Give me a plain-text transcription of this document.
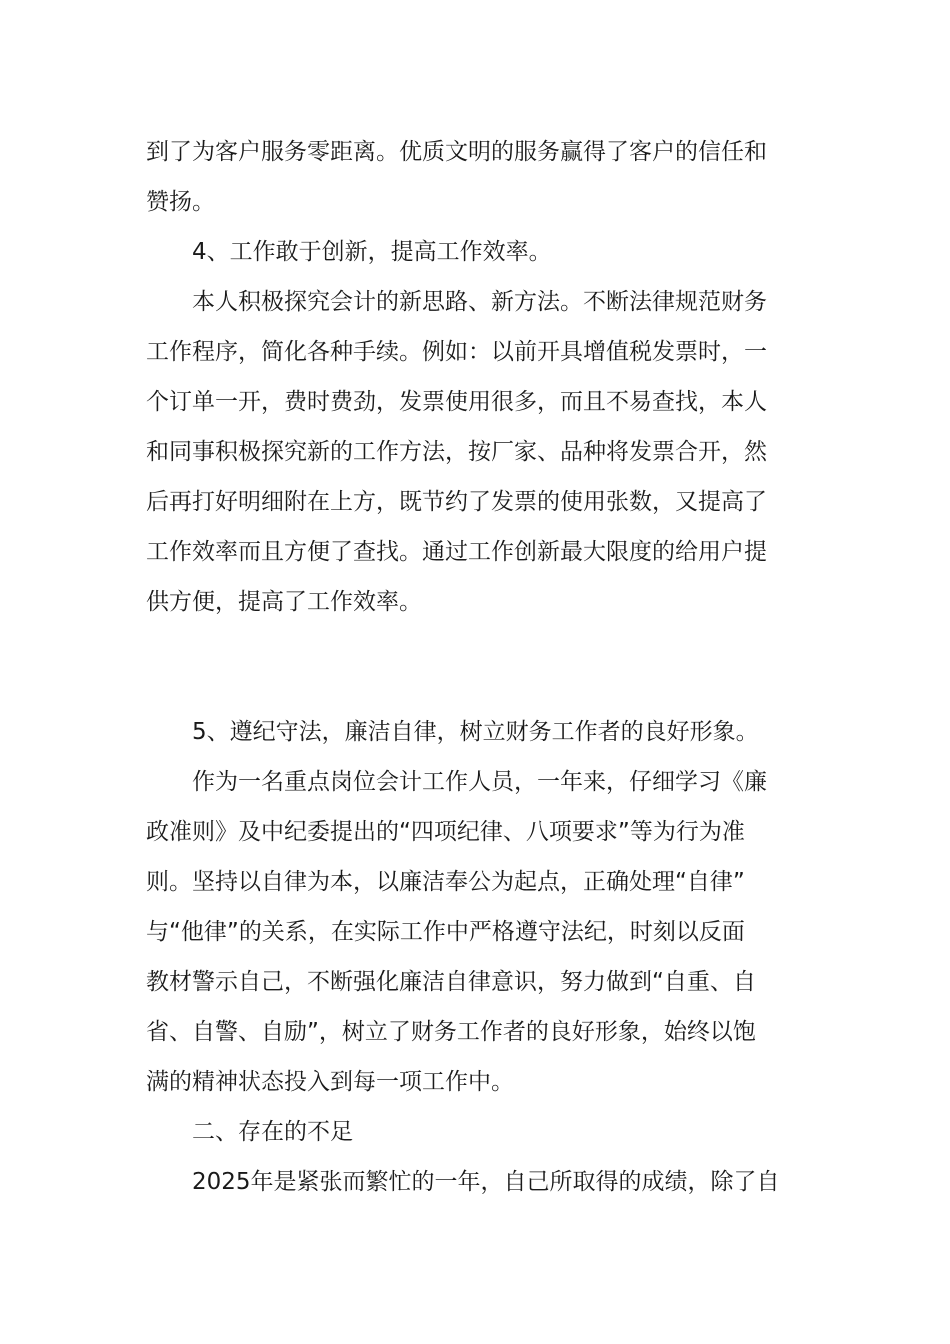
到了为客户服务零距离。优质文明的服务赢得了客户的信任和
赞扬。
4、工作敢于创新，提高工作效率。
本人积极探究会计的新思路、新方法。不断法律规范财务
工作程序，简化各种手续。例如：以前开具增值税发票时，一
个订单一开，费时费劲，发票使用很多，而且不易查找，本人
和同事积极探究新的工作方法，按厂家、品种将发票合开，然
后再打好明细附在上方，既节约了发票的使用张数，又提高了
工作效率而且方便了查找。通过工作创新最大限度的给用户提
供方便，提高了工作效率。
5、遵纪守法，廉洁自律，树立财务工作者的良好形象。
作为一名重点岗位会计工作人员，一年来，仔细学习《廉
政准则》及中纪委提出的“四项纪律、八项要求”等为行为准
则。坚持以自律为本，以廉洁奉公为起点，正确处理“自律”
与“他律”的关系，在实际工作中严格遵守法纪，时刻以反面
教材警示自己，不断强化廉洁自律意识，努力做到“自重、自
省、自警、自励”，树立了财务工作者的良好形象，始终以饱
满的精神状态投入到每一项工作中。
二、存在的不足
2025年是紧张而繁忙的一年，自己所取得的成绩，除了自
